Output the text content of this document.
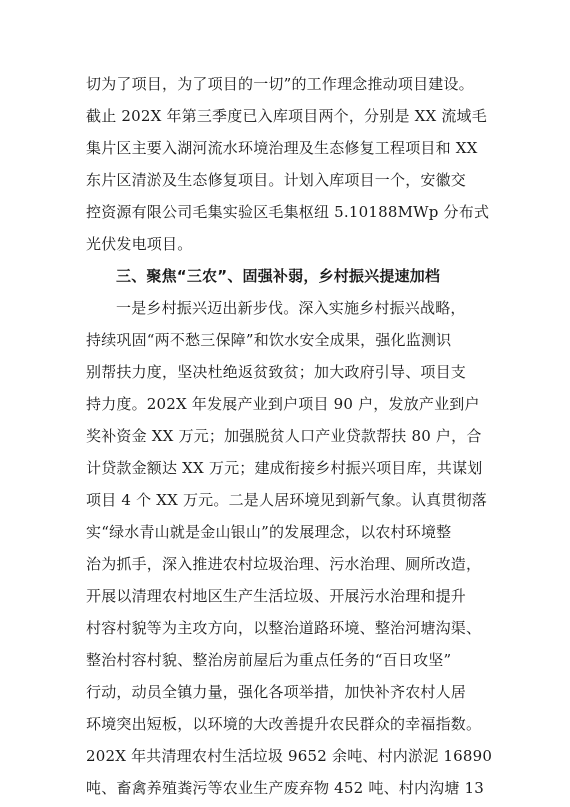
切为了项目，为了项目的一切”的工作理念推动项目建设。
截止 202X 年第三季度已入库项目两个，分别是 XX 流域毛
集片区主要入湖河流水环境治理及生态修复工程项目和 XX
东片区清淤及生态修复项目。计划入库项目一个，安徽交
控资源有限公司毛集实验区毛集枢纽 5.10188MWp 分布式
光伏发电项目。
三、聚焦“三农”、固强补弱，乡村振兴提速加档
一是乡村振兴迈出新步伐。深入实施乡村振兴战略，
持续巩固“两不愁三保障”和饮水安全成果，强化监测识
别帮扶力度，坚决杜绝返贫致贫；加大政府引导、项目支
持力度。202X 年发展产业到户项目 90 户，发放产业到户
奖补资金 XX 万元；加强脱贫人口产业贷款帮扶 80 户，合
计贷款金额达 XX 万元；建成衔接乡村振兴项目库，共谋划
项目 4 个 XX 万元。二是人居环境见到新气象。认真贯彻落
实“绿水青山就是金山银山”的发展理念，以农村环境整
治为抓手，深入推进农村垃圾治理、污水治理、厕所改造，
开展以清理农村地区生产生活垃圾、开展污水治理和提升
村容村貌等为主攻方向，以整治道路环境、整治河塘沟渠、
整治村容村貌、整治房前屋后为重点任务的“百日攻坚”
行动，动员全镇力量，强化各项举措，加快补齐农村人居
环境突出短板，以环境的大改善提升农民群众的幸福指数。
202X 年共清理农村生活垃圾 9652 余吨、村内淤泥 16890
吨、畜禽养殖粪污等农业生产废弃物 452 吨、村内沟塘 13
